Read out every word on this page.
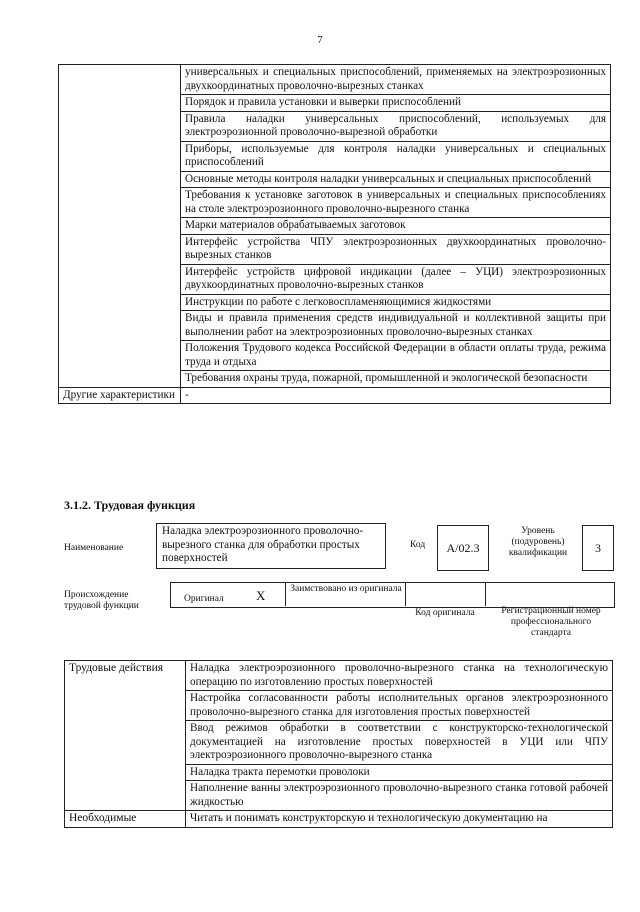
7
	универсальных и специальных приспособлений, применяемых на электроэрозионных двухкоординатных проволочно-вырезных станках
	Порядок и правила установки и выверки приспособлений
	Правила наладки универсальных приспособлений, используемых для электроэрозионной проволочно-вырезной обработки
	Приборы, используемые для контроля наладки универсальных и специальных приспособлений
	Основные методы контроля наладки универсальных и специальных приспособлений
	Требования к установке заготовок в универсальных и специальных приспособлениях на столе электроэрозионного проволочно-вырезного станка
	Марки материалов обрабатываемых заготовок
	Интерфейс устройства ЧПУ электроэрозионных двухкоординатных проволочно-вырезных станков
	Интерфейс устройств цифровой индикации (далее – УЦИ) электроэрозионных двухкоординатных проволочно-вырезных станков
	Инструкции по работе с легковоспламеняющимися жидкостями
	Виды и правила применения средств индивидуальной и коллективной защиты при выполнении работ на электроэрозионных проволочно-вырезных станках
	Положения Трудового кодекса Российской Федерации в области оплаты труда, режима труда и отдыха
	Требования охраны труда, пожарной, промышленной и экологической безопасности
Другие характеристики	-
3.1.2. Трудовая функция
Наименование
Наладка электроэрозионного проволочно-вырезного станка для обработки простых поверхностей
Код А/02.3
Уровень (подуровень) квалификации	3
Происхождение трудовой функции
Оригинал X	Заимствовано из оригинала
Код оригинала	Регистрационный номер профессионального стандарта
Трудовые действия	Наладка электроэрозионного проволочно-вырезного станка на технологическую операцию по изготовлению простых поверхностей
	Настройка согласованности работы исполнительных органов электроэрозионного проволочно-вырезного станка для изготовления простых поверхностей
	Ввод режимов обработки в соответствии с конструкторско-технологической документацией на изготовление простых поверхностей в УЦИ или ЧПУ электроэрозионного проволочно-вырезного станка
	Наладка тракта перемотки проволоки
	Наполнение ванны электроэрозионного проволочно-вырезного станка готовой рабочей жидкостью
Необходимые	Читать и понимать конструкторскую и технологическую документацию на
